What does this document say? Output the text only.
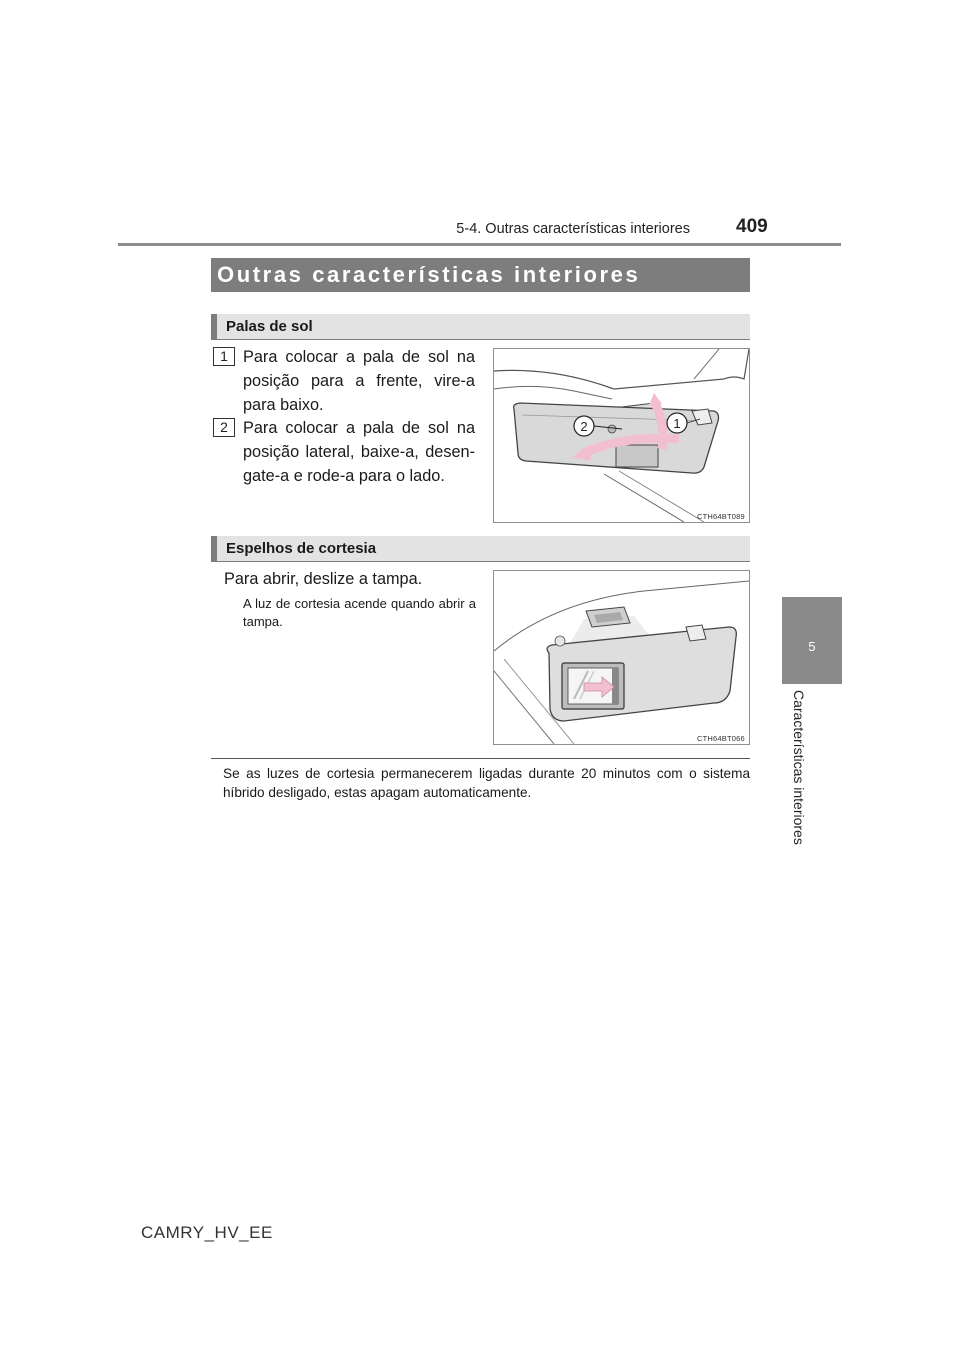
5-4. Outras características interiores 409
5
Características interiores
Outras características interiores
Palas de sol
1 Para colocar a pala de sol na posição para a frente, vire-a para baixo.
2 Para colocar a pala de sol na posição lateral, baixe-a, desen-gate-a e rode-a para o lado.
2	1
CTH64BT089
Espelhos de cortesia
Para abrir, deslize a tampa.
A luz de cortesia acende quando abrir a tampa.
CTH64BT066
Se as luzes de cortesia permanecerem ligadas durante 20 minutos com o sistema híbrido desligado, estas apagam automaticamente.
CAMRY_HV_EE
